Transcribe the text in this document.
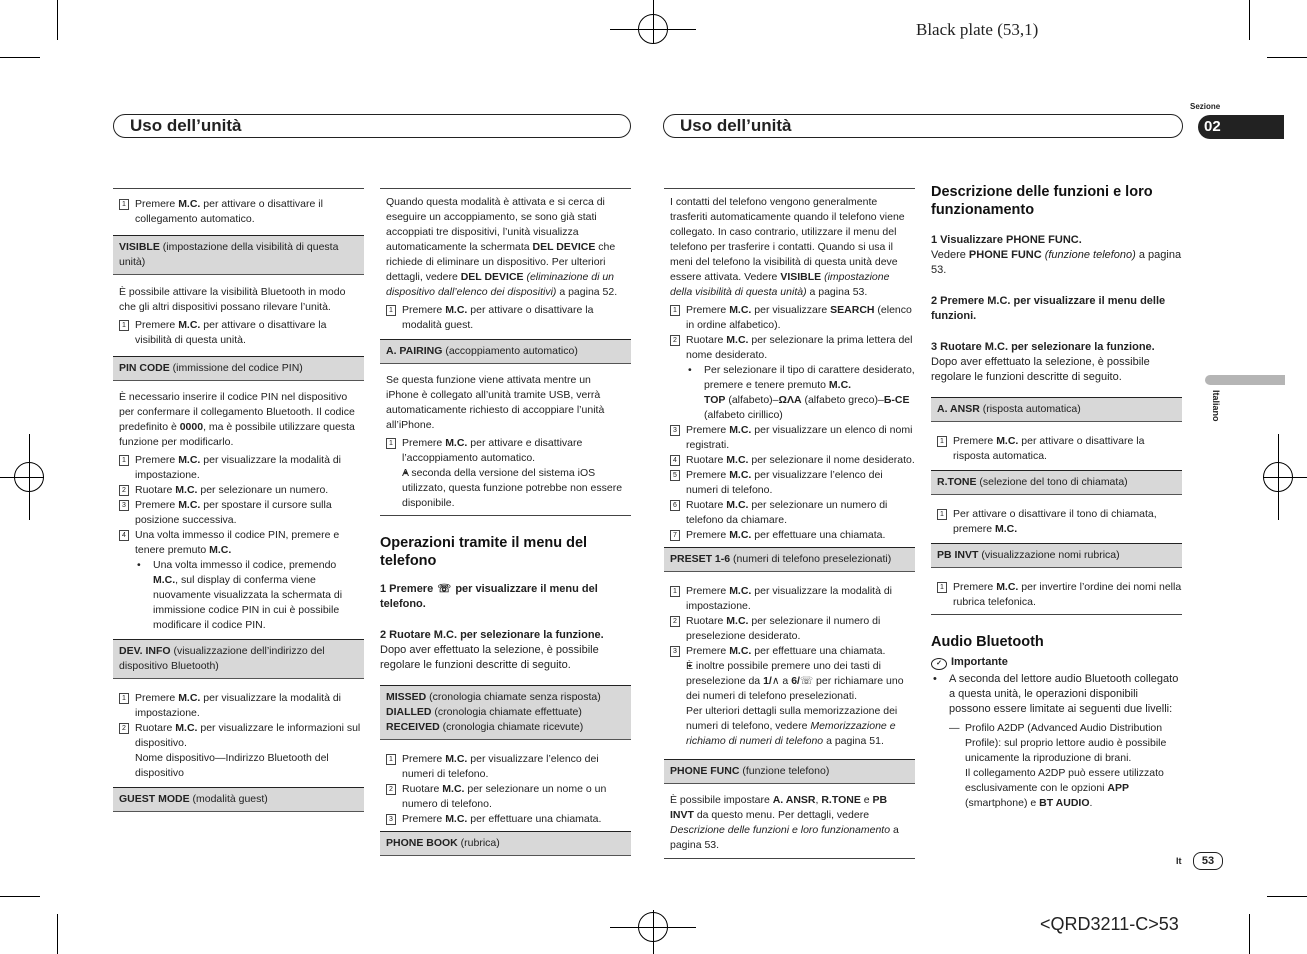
Black plate (53,1)
Uso dell’unità	Uso dell’unità
Sezione
02
Italiano
1 Premere M.C. per attivare o disattivare il collegamento automatico.
VISIBLE (impostazione della visibilità di questa unità)

È possibile attivare la visibilità Bluetooth in modo che gli altri dispositivi possano rilevare l’unità.

1 Premere M.C. per attivare o disattivare la visibilità di questa unità.
PIN CODE (immissione del codice PIN)

È necessario inserire il codice PIN nel dispositivo per confermare il collegamento Bluetooth. Il codice predefinito è 0000, ma è possibile utilizzare questa funzione per modificarlo.

1 Premere M.C. per visualizzare la modalità di impostazione.
2 Ruotare M.C. per selezionare un numero.
3 Premere M.C. per spostare il cursore sulla posizione successiva.
4 Una volta immesso il codice PIN, premere e tenere premuto M.C.
• Una volta immesso il codice, premendo M.C., sul display di conferma viene nuovamente visualizzata la schermata di immissione codice PIN in cui è possibile modificare il codice PIN.
DEV. INFO (visualizzazione dell’indirizzo del dispositivo Bluetooth)
1 Premere M.C. per visualizzare la modalità di impostazione.
2 Ruotare M.C. per visualizzare le informazioni sul dispositivo.
Nome dispositivo—Indirizzo Bluetooth del dispositivo
GUEST MODE (modalità guest)

Quando questa modalità è attivata e si cerca di eseguire un accoppiamento, se sono già stati accoppiati tre dispositivi, l’unità visualizza automaticamente la schermata DEL DEVICE che richiede di eliminare un dispositivo. Per ulteriori dettagli, vedere DEL DEVICE (eliminazione di un dispositivo dall’elenco dei dispositivi) a pagina 52.

1 Premere M.C. per attivare o disattivare la modalità guest.
A. PAIRING (accoppiamento automatico)

Se questa funzione viene attivata mentre un iPhone è collegato all’unità tramite USB, verrà automaticamente richiesto di accoppiare l’unità all’iPhone.

1 Premere M.C. per attivare e disattivare l’accoppiamento automatico.
• A seconda della versione del sistema iOS utilizzato, questa funzione potrebbe non essere disponibile.
Operazioni tramite il menu del telefono
1 Premere ☏ per visualizzare il menu del telefono.
2 Ruotare M.C. per selezionare la funzione.

Dopo aver effettuato la selezione, è possibile regolare le funzioni descritte di seguito.

MISSED (cronologia chiamate senza risposta)
DIALLED (cronologia chiamate effettuate)
RECEIVED (cronologia chiamate ricevute)
1 Premere M.C. per visualizzare l’elenco dei numeri di telefono.
2 Ruotare M.C. per selezionare un nome o un numero di telefono.
3 Premere M.C. per effettuare una chiamata.
PHONE BOOK (rubrica)

I contatti del telefono vengono generalmente trasferiti automaticamente quando il telefono viene collegato. In caso contrario, utilizzare il menu del telefono per trasferire i contatti. Quando si usa il meni del telefono la visibilità di questa unità deve essere attivata. Vedere VISIBLE (impostazione della visibilità di questa unità) a pagina 53.

1 Premere M.C. per visualizzare SEARCH (elenco in ordine alfabetico).
2 Ruotare M.C. per selezionare la prima lettera del nome desiderato.
• Per selezionare il tipo di carattere desiderato, premere e tenere premuto M.C.
TOP (alfabeto)–ΩΛΑ (alfabeto greco)–Б-CE (alfabeto cirillico)
3 Premere M.C. per visualizzare un elenco di nomi registrati.
4 Ruotare M.C. per selezionare il nome desiderato.
5 Premere M.C. per visualizzare l’elenco dei numeri di telefono.
6 Ruotare M.C. per selezionare un numero di telefono da chiamare.
7 Premere M.C. per effettuare una chiamata.
PRESET 1-6 (numeri di telefono preselezionati)
1 Premere M.C. per visualizzare la modalità di impostazione.
2 Ruotare M.C. per selezionare il numero di preselezione desiderato.
3 Premere M.C. per effettuare una chiamata.
• È inoltre possibile premere uno dei tasti di preselezione da 1/∧ a 6/☏ per richiamare uno dei numeri di telefono preselezionati.
Per ulteriori dettagli sulla memorizzazione dei numeri di telefono, vedere Memorizzazione e richiamo di numeri di telefono a pagina 51.
PHONE FUNC (funzione telefono)

È possibile impostare A. ANSR, R.TONE e PB INVT da questo menu. Per dettagli, vedere Descrizione delle funzioni e loro funzionamento a pagina 53.

Descrizione delle funzioni e loro funzionamento
1 Visualizzare PHONE FUNC.

Vedere PHONE FUNC (funzione telefono) a pagina 53.

2 Premere M.C. per visualizzare il menu delle funzioni.
3 Ruotare M.C. per selezionare la funzione.

Dopo aver effettuato la selezione, è possibile regolare le funzioni descritte di seguito.

A. ANSR (risposta automatica)
1 Premere M.C. per attivare o disattivare la risposta automatica.
R.TONE (selezione del tono di chiamata)
1 Per attivare o disattivare il tono di chiamata, premere M.C.
PB INVT (visualizzazione nomi rubrica)
1 Premere M.C. per invertire l’ordine dei nomi nella rubrica telefonica.
Audio Bluetooth
✓ Importante
• A seconda del lettore audio Bluetooth collegato a questa unità, le operazioni disponibili possono essere limitate ai seguenti due livelli:
— Profilo A2DP (Advanced Audio Distribution Profile): sul proprio lettore audio è possibile unicamente la riproduzione di brani.
Il collegamento A2DP può essere utilizzato esclusivamente con le opzioni APP (smartphone) e BT AUDIO.
It	53
<QRD3211-C>53
